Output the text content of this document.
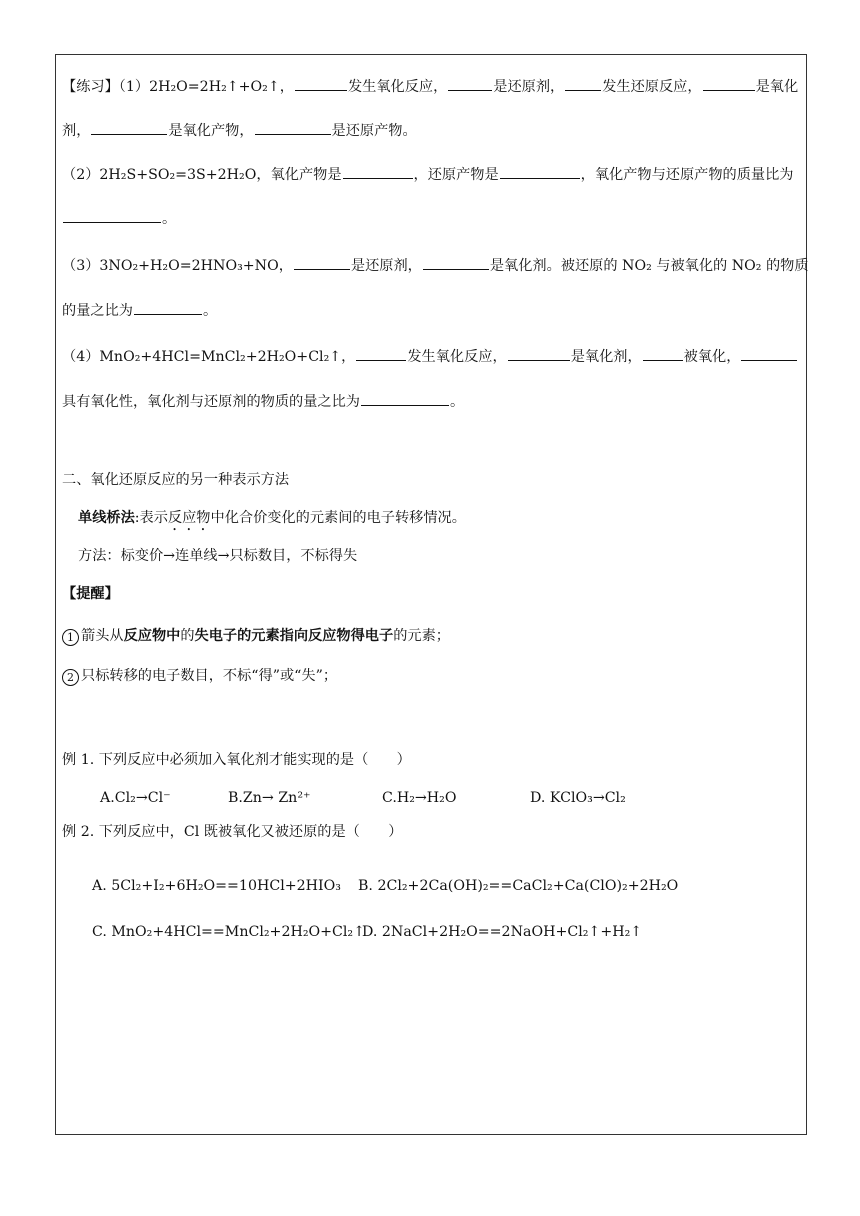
【练习】（1）2H₂O=2H₂↑+O₂↑，	发生氧化反应，	是还原剂，	发生还原反应，	是氧化
剂，	是氧化产物，	是还原产物。
（2）2H₂S+SO₂=3S+2H₂O，氧化产物是	，还原产物是	，氧化产物与还原产物的质量比为
。
（3）3NO₂+H₂O=2HNO₃+NO，	是还原剂，	是氧化剂。被还原的 NO₂ 与被氧化的 NO₂ 的物质
的量之比为	。
（4）MnO₂+4HCl=MnCl₂+2H₂O+Cl₂↑，	发生氧化反应，	是氧化剂，	被氧化，
具有氧化性，氧化剂与还原剂的物质的量之比为	。
二、氧化还原反应的另一种表示方法
单线桥法:表示反应物中化合价变化的元素间的电子转移情况。
方法：标变价→连单线→只标数目，不标得失
【提醒】
1 箭头从反应物中的失电子的元素指向反应物得电子的元素；
2 只标转移的电子数目，不标“得”或“失”；
例 1. 下列反应中必须加入氧化剂才能实现的是（　　）
A.Cl₂→Cl⁻	B.Zn→ Zn²⁺	C.H₂→H₂O	D. KClO₃→Cl₂
例 2. 下列反应中，Cl 既被氧化又被还原的是（　　）
A. 5Cl₂+I₂+6H₂O==10HCl+2HIO₃ B. 2Cl₂+2Ca(OH)₂==CaCl₂+Ca(ClO)₂+2H₂O
C. MnO₂+4HCl==MnCl₂+2H₂O+Cl₂↑
D. 2NaCl+2H₂O==2NaOH+Cl₂↑+H₂↑
